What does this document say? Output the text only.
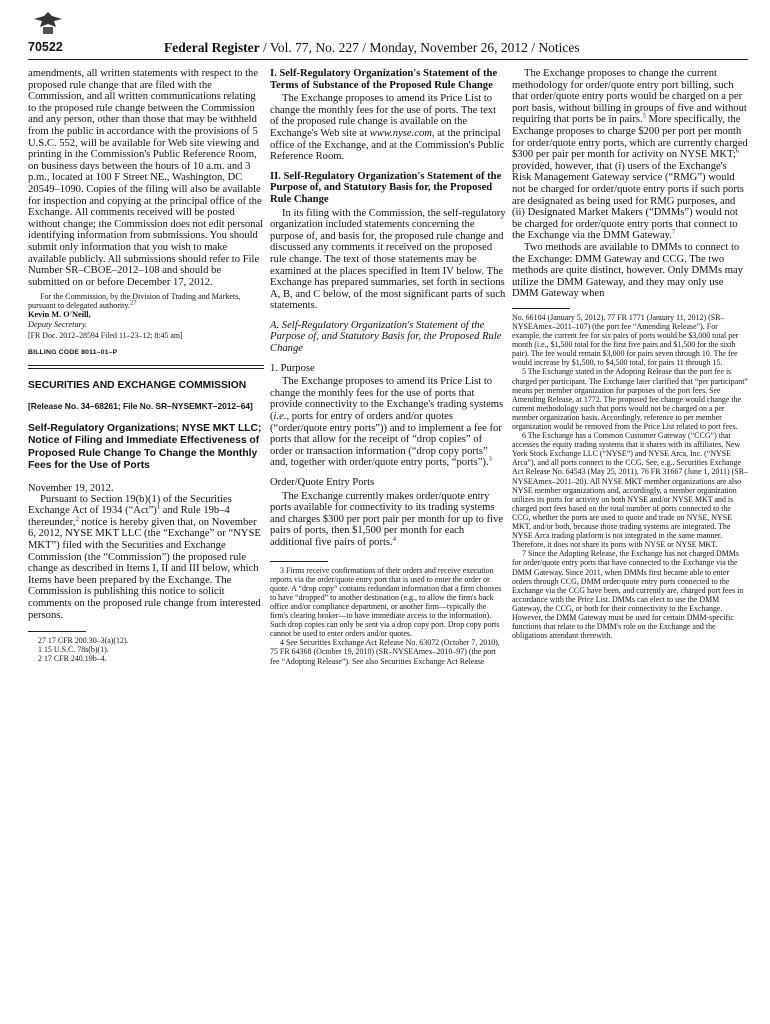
70522	Federal Register / Vol. 77, No. 227 / Monday, November 26, 2012 / Notices

amendments, all written statements with respect to the proposed rule change that are filed with the Commission, and all written communications relating to the proposed rule change between the Commission and any person, other than those that may be withheld from the public in accordance with the provisions of 5 U.S.C. 552, will be available for Web site viewing and printing in the Commission's Public Reference Room, on business days between the hours of 10 a.m. and 3 p.m., located at 100 F Street NE., Washington, DC 20549–1090. Copies of the filing will also be available for inspection and copying at the principal office of the Exchange. All comments received will be posted without change; the Commission does not edit personal identifying information from submissions. You should submit only information that you wish to make available publicly. All submissions should refer to File Number SR–CBOE–2012–108 and should be submitted on or before December 17, 2012.

For the Commission, by the Division of Trading and Markets, pursuant to delegated authority.$^{27}$

Kevin M. O'Neill,

Deputy Secretary.

[FR Doc. 2012–28594 Filed 11–23–12; 8:45 am]

BILLING CODE 8011–01–P

SECURITIES AND EXCHANGE COMMISSION

[Release No. 34–68261; File No. SR–NYSEMKT–2012–64]

Self-Regulatory Organizations; NYSE MKT LLC; Notice of Filing and Immediate Effectiveness of Proposed Rule Change To Change the Monthly Fees for the Use of Ports

November 19, 2012.

Pursuant to Section 19(b)(1) of the Securities Exchange Act of 1934 (“Act”)$^1$ and Rule 19b–4 thereunder,$^2$ notice is hereby given that, on November 6, 2012, NYSE MKT LLC (the “Exchange” or “NYSE MKT”) filed with the Securities and Exchange Commission (the “Commission”) the proposed rule change as described in Items I, II and III below, which Items have been prepared by the Exchange. The Commission is publishing this notice to solicit comments on the proposed rule change from interested persons.

27 17 CFR 200.30–3(a)(12).

1 15 U.S.C. 78s(b)(1).

2 17 CFR 240.19b–4.

I. Self-Regulatory Organization's Statement of the Terms of Substance of the Proposed Rule Change

The Exchange proposes to amend its Price List to change the monthly fees for the use of ports. The text of the proposed rule change is available on the Exchange's Web site at www.nyse.com, at the principal office of the Exchange, and at the Commission's Public Reference Room.

II. Self-Regulatory Organization's Statement of the Purpose of, and Statutory Basis for, the Proposed Rule Change

In its filing with the Commission, the self-regulatory organization included statements concerning the purpose of, and basis for, the proposed rule change and discussed any comments it received on the proposed rule change. The text of those statements may be examined at the places specified in Item IV below. The Exchange has prepared summaries, set forth in sections A, B, and C below, of the most significant parts of such statements.

A. Self-Regulatory Organization's Statement of the Purpose of, and Statutory Basis for, the Proposed Rule Change

1. Purpose

The Exchange proposes to amend its Price List to change the monthly fees for the use of ports that provide connectivity to the Exchange's trading systems (i.e., ports for entry of orders and/or quotes (“order/quote entry ports”)) and to implement a fee for ports that allow for the receipt of “drop copies” of order or transaction information (“drop copy ports” and, together with order/quote entry ports, “ports”).$^3$

Order/Quote Entry Ports

The Exchange currently makes order/quote entry ports available for connectivity to its trading systems and charges $300 per port pair per month for up to five pairs of ports, then $1,500 per month for each additional five pairs of ports.$^4$

3 Firms receive confirmations of their orders and receive execution reports via the order/quote entry port that is used to enter the order or quote. A “drop copy” contains redundant information that a firm chooses to have “dropped” to another destination (e.g., to allow the firm's back office and/or compliance department, or another firm—typically the firm's clearing broker—to have immediate access to the information). Such drop copies can only be sent via a drop copy port. Drop copy ports cannot be used to enter orders and/or quotes.

4 See Securities Exchange Act Release No. 63072 (October 7, 2010), 75 FR 64368 (October 19, 2010) (SR–NYSEAmex–2010–97) (the port fee “Adopting Release”). See also Securities Exchange Act Release

The Exchange proposes to change the current methodology for order/quote entry port billing, such that order/quote entry ports would be charged on a per port basis, without billing in groups of five and without requiring that ports be in pairs.$^5$ More specifically, the Exchange proposes to charge $200 per port per month for order/quote entry ports, which are currently charged $300 per pair per month for activity on NYSE MKT;$^6$ provided, however, that (i) users of the Exchange's Risk Management Gateway service (“RMG”) would not be charged for order/quote entry ports if such ports are designated as being used for RMG purposes, and (ii) Designated Market Makers (“DMMs”) would not be charged for order/quote entry ports that connect to the Exchange via the DMM Gateway.$^7$

Two methods are available to DMMs to connect to the Exchange: DMM Gateway and CCG. The two methods are quite distinct, however. Only DMMs may utilize the DMM Gateway, and they may only use DMM Gateway when

No. 66104 (January 5, 2012), 77 FR 1771 (January 11, 2012) (SR–NYSEAmex–2011–107) (the port fee “Amending Release”). For example, the current fee for six pairs of ports would be $3,000 total per month (i.e., $1,500 total for the first five pairs and $1,500 for the sixth pair). The fee would remain $3,000 for pairs seven through 10. The fee would increase by $1,500, to $4,500 total, for pairs 11 through 15.

5 The Exchange stated in the Adopting Release that the port fee is charged per participant. The Exchange later clarified that “per participant” means per member organization for purposes of the port fees. See Amending Release, at 1772. The proposed fee change would change the current methodology such that ports would not be charged on a per member organization basis. Accordingly, reference to per member organization would be removed from the Price List related to port fees.

6 The Exchange has a Common Customer Gateway (“CCG”) that accesses the equity trading systems that it shares with its affiliates, New York Stock Exchange LLC (“NYSE”) and NYSE Arca, Inc. (“NYSE Arca”), and all ports connect to the CCG. See, e.g., Securities Exchange Act Release No. 64543 (May 25, 2011), 76 FR 31667 (June 1, 2011) (SR–NYSEAmex–2011–20). All NYSE MKT member organizations are also NYSE member organizations and, accordingly, a member organization utilizes its ports for activity on both NYSE and/or NYSE MKT and is charged port fees based on the total number of ports connected to the CCG, whether the ports are used to quote and trade on NYSE, NYSE MKT, and/or both, because those trading systems are integrated. The NYSE Arca trading platform is not integrated in the same manner. Therefore, it does not share its ports with NYSE or NYSE MKT.

7 Since the Adopting Release, the Exchange has not charged DMMs for order/quote entry ports that have connected to the Exchange via the DMM Gateway. Since 2011, when DMMs first became able to enter orders through CCG, DMM order/quote entry ports connected to the Exchange via the CCG have been, and currently are, charged port fees in accordance with the Price List. DMMs can elect to use the DMM Gateway, the CCG, or both for their connectivity to the Exchange. However, the DMM Gateway must be used for certain DMM-specific functions that relate to the DMM's role on the Exchange and the obligations attendant therewith.
